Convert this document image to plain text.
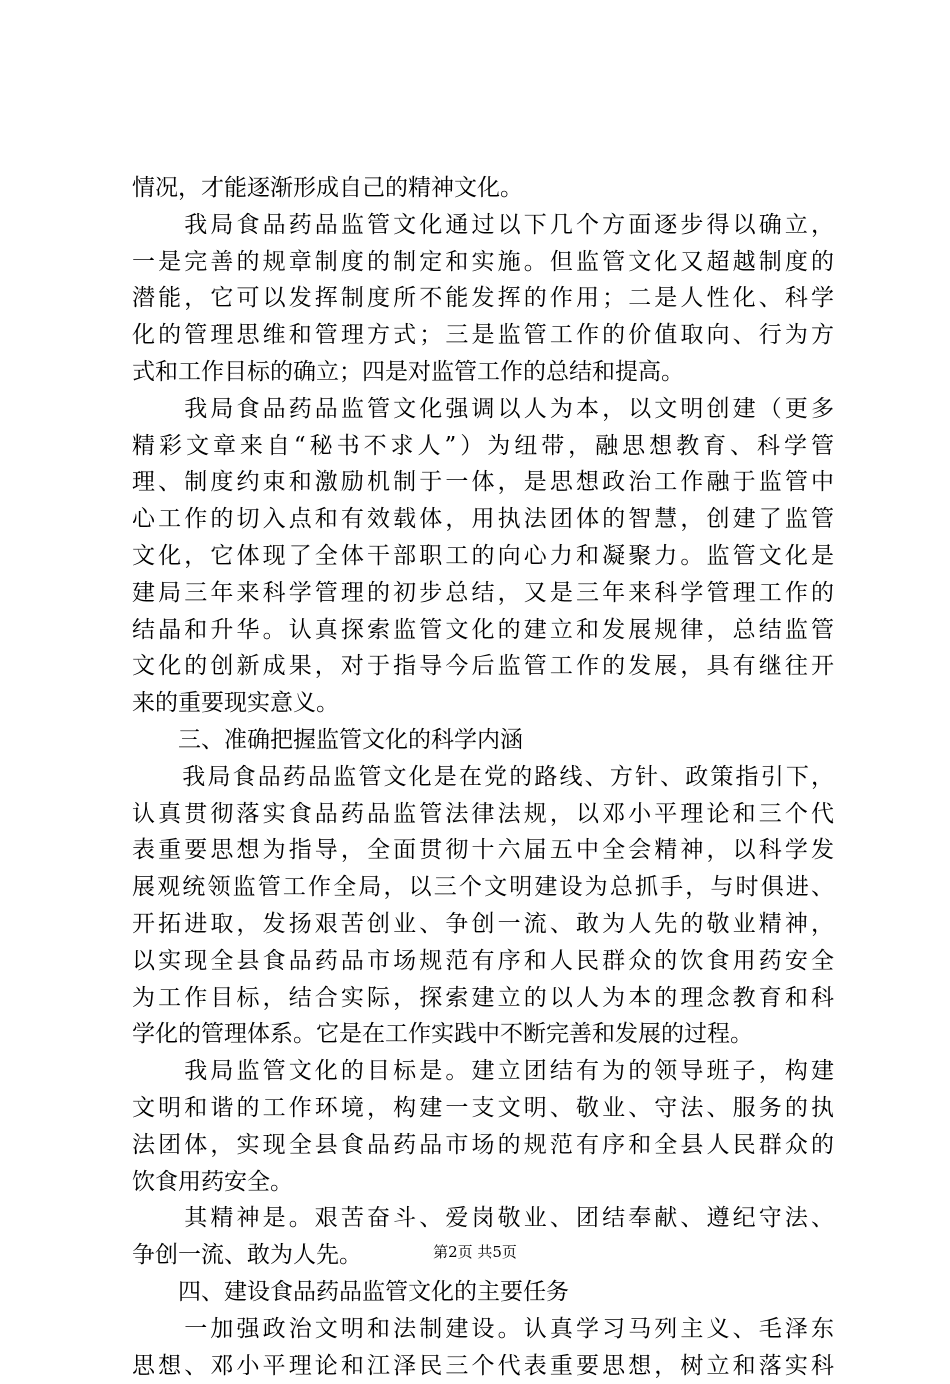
情况，才能逐渐形成自己的精神文化。
　　我局食品药品监管文化通过以下几个方面逐步得以确立，
一是完善的规章制度的制定和实施。但监管文化又超越制度的
潜能，它可以发挥制度所不能发挥的作用；二是人性化、科学
化的管理思维和管理方式；三是监管工作的价值取向、行为方
式和工作目标的确立；四是对监管工作的总结和提高。
　　我局食品药品监管文化强调以人为本，以文明创建（更多
精彩文章来自“秘书不求人”）为纽带，融思想教育、科学管
理、制度约束和激励机制于一体，是思想政治工作融于监管中
心工作的切入点和有效载体，用执法团体的智慧，创建了监管
文化，它体现了全体干部职工的向心力和凝聚力。监管文化是
建局三年来科学管理的初步总结，又是三年来科学管理工作的
结晶和升华。认真探索监管文化的建立和发展规律，总结监管
文化的创新成果，对于指导今后监管工作的发展，具有继往开
来的重要现实意义。
　　三、准确把握监管文化的科学内涵
　　我局食品药品监管文化是在党的路线、方针、政策指引下，
认真贯彻落实食品药品监管法律法规，以邓小平理论和三个代
表重要思想为指导，全面贯彻十六届五中全会精神，以科学发
展观统领监管工作全局，以三个文明建设为总抓手，与时俱进、
开拓进取，发扬艰苦创业、争创一流、敢为人先的敬业精神，
以实现全县食品药品市场规范有序和人民群众的饮食用药安全
为工作目标，结合实际，探索建立的以人为本的理念教育和科
学化的管理体系。它是在工作实践中不断完善和发展的过程。
　　我局监管文化的目标是。建立团结有为的领导班子，构建
文明和谐的工作环境，构建一支文明、敬业、守法、服务的执
法团体，实现全县食品药品市场的规范有序和全县人民群众的
饮食用药安全。
　　其精神是。艰苦奋斗、爱岗敬业、团结奉献、遵纪守法、
争创一流、敢为人先。
　　四、建设食品药品监管文化的主要任务
　　一加强政治文明和法制建设。认真学习马列主义、毛泽东
思想、邓小平理论和江泽民三个代表重要思想，树立和落实科
第2页 共5页
